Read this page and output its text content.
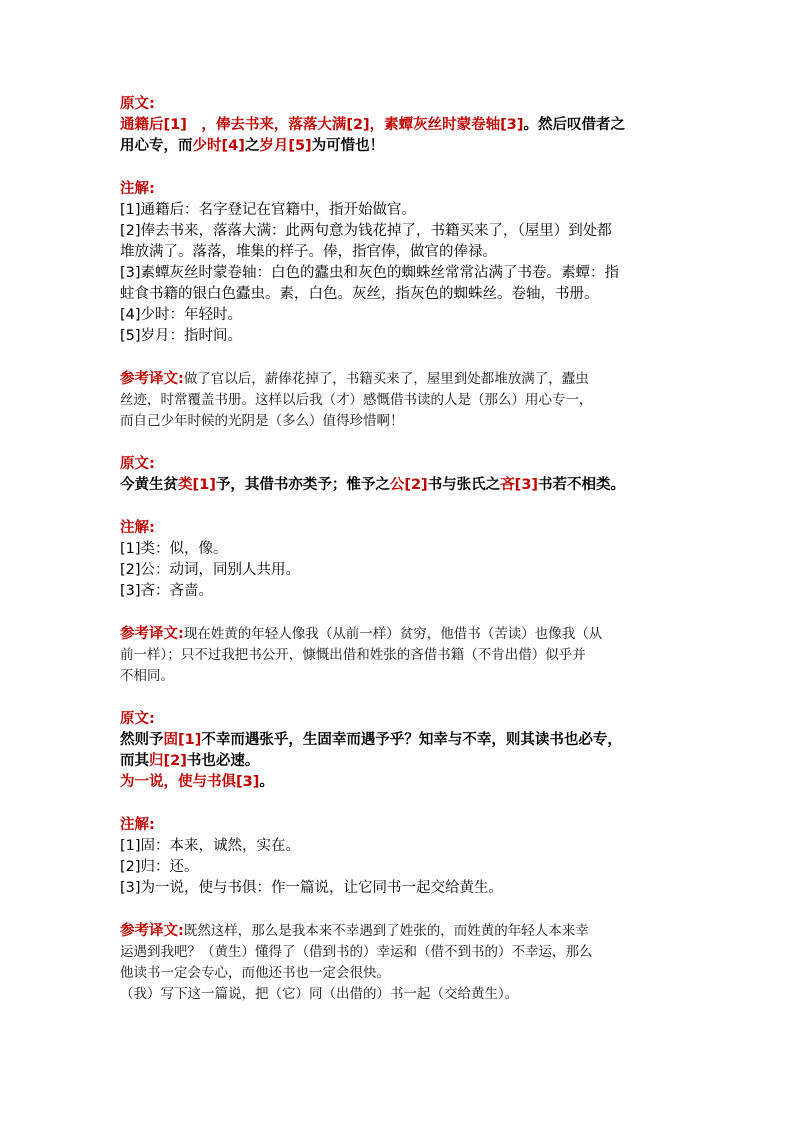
原文:
通籍后[1]　，俸去书来，落落大满[2]，素蟫灰丝时蒙卷轴[3]。然后叹借者之
用心专，而少时[4]之岁月[5]为可惜也！
注解:
[1]通籍后：名字登记在官籍中，指开始做官。
[2]俸去书来，落落大满：此两句意为钱花掉了，书籍买来了，（屋里）到处都
堆放满了。落落，堆集的样子。俸，指官俸，做官的俸禄。
[3]素蟫灰丝时蒙卷轴：白色的蠹虫和灰色的蜘蛛丝常常沾满了书卷。素蟫：指
蛀食书籍的银白色蠹虫。素，白色。灰丝，指灰色的蜘蛛丝。卷轴，书册。
[4]少时：年轻时。
[5]岁月：指时间。
参考译文:做了官以后，薪俸花掉了，书籍买来了，屋里到处都堆放满了，蠹虫
丝迹，时常覆盖书册。这样以后我（才）感慨借书读的人是（那么）用心专一，
而自己少年时候的光阴是（多么）值得珍惜啊！
原文:
今黄生贫类[1]予，其借书亦类予；惟予之公[2]书与张氏之吝[3]书若不相类。
注解:
[1]类：似，像。
[2]公：动词，同别人共用。
[3]吝：吝啬。
参考译文:现在姓黄的年轻人像我（从前一样）贫穷，他借书（苦读）也像我（从
前一样）；只不过我把书公开，慷慨出借和姓张的吝借书籍（不肯出借）似乎并
不相同。
原文:
然则予固[1]不幸而遇张乎，生固幸而遇予乎？知幸与不幸，则其读书也必专，
而其归[2]书也必速。
为一说，使与书俱[3]。
注解:
[1]固：本来，诚然，实在。
[2]归：还。
[3]为一说，使与书俱：作一篇说，让它同书一起交给黄生。
参考译文:既然这样，那么是我本来不幸遇到了姓张的，而姓黄的年轻人本来幸
运遇到我吧？（黄生）懂得了（借到书的）幸运和（借不到书的）不幸运，那么
他读书一定会专心，而他还书也一定会很快。
（我）写下这一篇说，把（它）同（出借的）书一起（交给黄生）。
